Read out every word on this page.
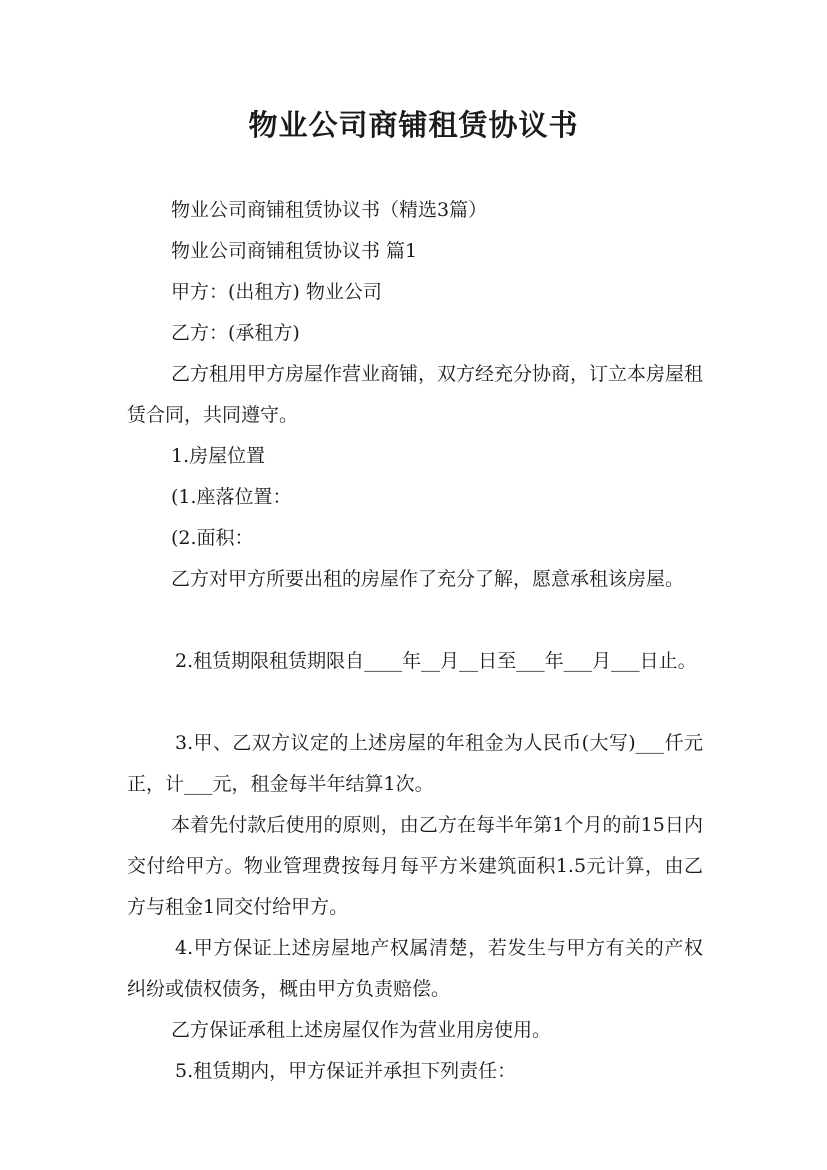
物业公司商铺租赁协议书
物业公司商铺租赁协议书（精选3篇）
物业公司商铺租赁协议书 篇1
甲方：(出租方) 物业公司
乙方：(承租方)
乙方租用甲方房屋作营业商铺，双方经充分协商，订立本房屋租赁合同，共同遵守。
1.房屋位置
(1.座落位置：
(2.面积：
乙方对甲方所要出租的房屋作了充分了解，愿意承租该房屋。
2.租赁期限租赁期限自____年__月__日至___年___月___日止。
3.甲、乙双方议定的上述房屋的年租金为人民币(大写)___仟元正，计___元，租金每半年结算1次。
本着先付款后使用的原则，由乙方在每半年第1个月的前15日内交付给甲方。物业管理费按每月每平方米建筑面积1.5元计算，由乙方与租金1同交付给甲方。
4.甲方保证上述房屋地产权属清楚，若发生与甲方有关的产权纠纷或债权债务，概由甲方负责赔偿。
乙方保证承租上述房屋仅作为营业用房使用。
5.租赁期内，甲方保证并承担下列责任：
